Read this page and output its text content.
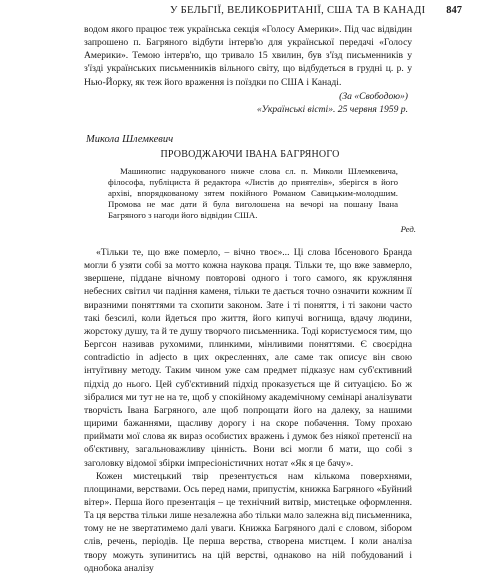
У БЕЛЬГІЇ, ВЕЛИКОБРИТАНІЇ, США ТА В КАНАДІ 847

водом якого працює теж українська секція «Голосу Америки». Під час відвідин запрошено п. Багряного відбути інтерв'ю для української передачі «Голосу Америки». Темою інтерв'ю, що тривало 15 хвилин, був з'їзд письменників у з'їзді українських письменників вільного світу, що відбудеться в грудні ц. р. у Нью-Йорку, як теж його враження із поїздки по США і Канаді.

(За «Свободою»)
«Українські вісті». 25 червня 1959 р.
Микола Шлемкевич
ПРОВОДЖАЮЧИ ІВАНА БАГРЯНОГО

Машинопис надрукованого нижче слова сл. п. Миколи Шлемкевича, філософа, публіциста й редактора «Листів до приятелів», зберігся в його архіві, впорядкованому зятем покійного Романом Савицьким-молодшим. Промова не має дати й була виголошена на вечорі на пошану Івана Багряного з нагоди його відвідин США.

Ред.

«Тільки те, що вже померло, – вічно твоє»... Ці слова Ібсенового Бранда могли б узяти собі за мотто кожна наукова праця. Тільки те, що вже завмерло, звершене, піддане вічному повторові одного і того самого, як кружляння небесних світил чи падіння каменя, тільки те дається точно означити кожним її виразними поняттями та схопити законом. Зате і ті поняття, і ті закони часто такі безсилі, коли йдеться про життя, його кипучі вогнища, вдачу людини, жорстоку душу, та й те душу творчого письменника. Тоді користуємося тим, що Бергсон називав рухомими, плинкими, мінливими поняттями. Є своєрідна contradictio in adjecto в цих окресленнях, але саме так описує він свою інтуїтивну методу. Таким чином уже сам предмет підказує нам суб'єктивний підхід до нього. Цей суб'єктивний підхід проказується ще й ситуацією. Бо ж зібралися ми тут не на те, щоб у спокійному академічному семінарі аналізувати творчість Івана Багряного, але щоб попрощати його на далеку, за нашими щирими бажаннями, щасливу дорогу і на скоре побачення. Тому прохаю приймати мої слова як вираз особистих вражень і думок без ніякої претенсії на об'єктивну, загальноважливу цінність. Вони всі могли б мати, що собі з заголовку відомої збірки імпресіоністичних нотат «Як я це бачу».

Кожен мистецький твір презентується нам кількома поверхнями, площинами, верствами. Ось перед нами, припустім, книжка Багряного «Буйний вітер». Перша його презентація – це технічний витвір, мистецьке оформлення. Та ця верства тільки лише незалежна або тільки мало залежна від письменника, тому не не звертатимемо далі уваги. Книжка Багряного далі є словом, зібором слів, речень, періодів. Це перша верства, створена мистцем. І коли аналіза твору можуть зупинитись на цій верстві, однаково на ній побудований і однобока аналізу
